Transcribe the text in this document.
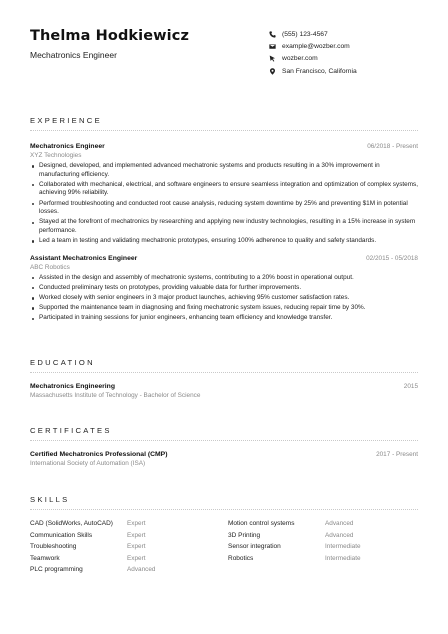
Thelma Hodkiewicz
Mechatronics Engineer
(555) 123-4567
example@wozber.com
wozber.com
San Francisco, California
EXPERIENCE
Mechatronics Engineer	06/2018 - Present
XYZ Technologies
Designed, developed, and implemented advanced mechatronic systems and products resulting in a 30% improvement in manufacturing efficiency.
Collaborated with mechanical, electrical, and software engineers to ensure seamless integration and optimization of complex systems, achieving 99% reliability.
Performed troubleshooting and conducted root cause analysis, reducing system downtime by 25% and preventing $1M in potential losses.
Stayed at the forefront of mechatronics by researching and applying new industry technologies, resulting in a 15% increase in system performance.
Led a team in testing and validating mechatronic prototypes, ensuring 100% adherence to quality and safety standards.
Assistant Mechatronics Engineer	02/2015 - 05/2018
ABC Robotics
Assisted in the design and assembly of mechatronic systems, contributing to a 20% boost in operational output.
Conducted preliminary tests on prototypes, providing valuable data for further improvements.
Worked closely with senior engineers in 3 major product launches, achieving 95% customer satisfaction rates.
Supported the maintenance team in diagnosing and fixing mechatronic system issues, reducing repair time by 30%.
Participated in training sessions for junior engineers, enhancing team efficiency and knowledge transfer.
EDUCATION
Mechatronics Engineering	2015
Massachusetts Institute of Technology - Bachelor of Science
CERTIFICATES
Certified Mechatronics Professional (CMP)	2017 - Present
International Society of Automation (ISA)
SKILLS
CAD (SolidWorks, AutoCAD)	Expert	Motion control systems	Advanced
Communication Skills	Expert	3D Printing	Advanced
Troubleshooting	Expert	Sensor integration	Intermediate
Teamwork	Expert	Robotics	Intermediate
PLC programming	Advanced
